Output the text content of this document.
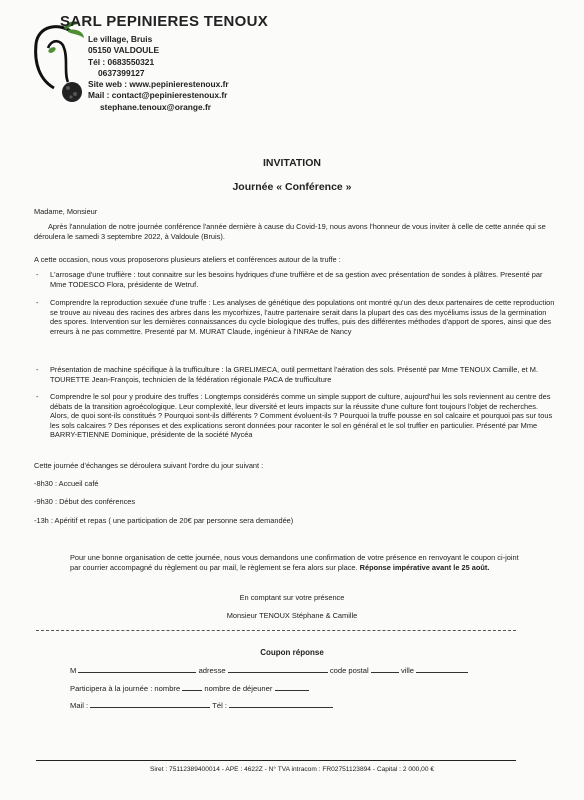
SARL PEPINIERES TENOUX
Le village, Bruis
05150 VALDOULE
Tél : 0683550321
0637399127
Site web : www.pepinierestenoux.fr
Mail : contact@pepinierestenoux.fr
stephane.tenoux@orange.fr
INVITATION
Journée « Conférence »
Madame, Monsieur
Après l'annulation de notre journée conférence l'année dernière à cause du Covid-19, nous avons l'honneur de vous inviter à celle de cette année qui se déroulera le samedi 3 septembre 2022, à Valdoule (Bruis).
A cette occasion, nous vous proposerons plusieurs ateliers et conférences autour de la truffe :
- L'arrosage d'une truffière : tout connaitre sur les besoins hydriques d'une truffière et de sa gestion avec présentation de sondes à plâtres. Presenté par Mme TODESCO Flora, présidente de Wetruf.
- Comprendre la reproduction sexuée d'une truffe : Les analyses de génétique des populations ont montré qu'un des deux partenaires de cette reproduction se trouve au niveau des racines des arbres dans les mycorhizes, l'autre partenaire serait dans la plupart des cas des mycéliums issus de la germination des spores. Intervention sur les dernières connaissances du cycle biologique des truffes, puis des différentes méthodes d'apport de spores, ainsi que des erreurs à ne pas commettre. Presenté par M. MURAT Claude, ingénieur à l'INRAe de Nancy
- Présentation de machine spécifique à la trufficulture : la GRELIMECA, outil permettant l'aération des sols. Présenté par Mme TENOUX Camille, et M. TOURETTE Jean-François, technicien de la fédération régionale PACA de trufficulture
- Comprendre le sol pour y produire des truffes : Longtemps considérés comme un simple support de culture, aujourd'hui les sols reviennent au centre des débats de la transition agroécologique. Leur complexité, leur diversité et leurs impacts sur la réussite d'une culture font toujours l'objet de recherches. Alors, de quoi sont-ils constitués ? Pourquoi sont-ils différents ? Comment évoluent-ils ? Pourquoi la truffe pousse en sol calcaire et pourquoi pas sur tous les sols calcaires ? Des réponses et des explications seront données pour raconter le sol en général et le sol truffier en particulier. Présenté par Mme BARRY-ETIENNE Dominique, présidente de la société Mycéa
Cette journée d'échanges se déroulera suivant l'ordre du jour suivant :
-8h30 : Accueil café
-9h30 : Début des conférences
-13h : Apéritif et repas ( une participation de 20€ par personne sera demandée)
Pour une bonne organisation de cette journée, nous vous demandons une confirmation de votre présence en renvoyant le coupon ci-joint par courrier accompagné du règlement ou par mail, le règlement se fera alors sur place. Réponse impérative avant le 25 août.
En comptant sur votre présence
Monsieur TENOUX Stéphane & Camille
Coupon réponse
M	adresse	code postal	ville
Participera à la journée : nombre	nombre de déjeuner
Mail :	Tél :
Siret : 75112389400014 - APE : 4622Z - N° TVA intracom : FR02751123894 - Capital : 2 000,00 €
